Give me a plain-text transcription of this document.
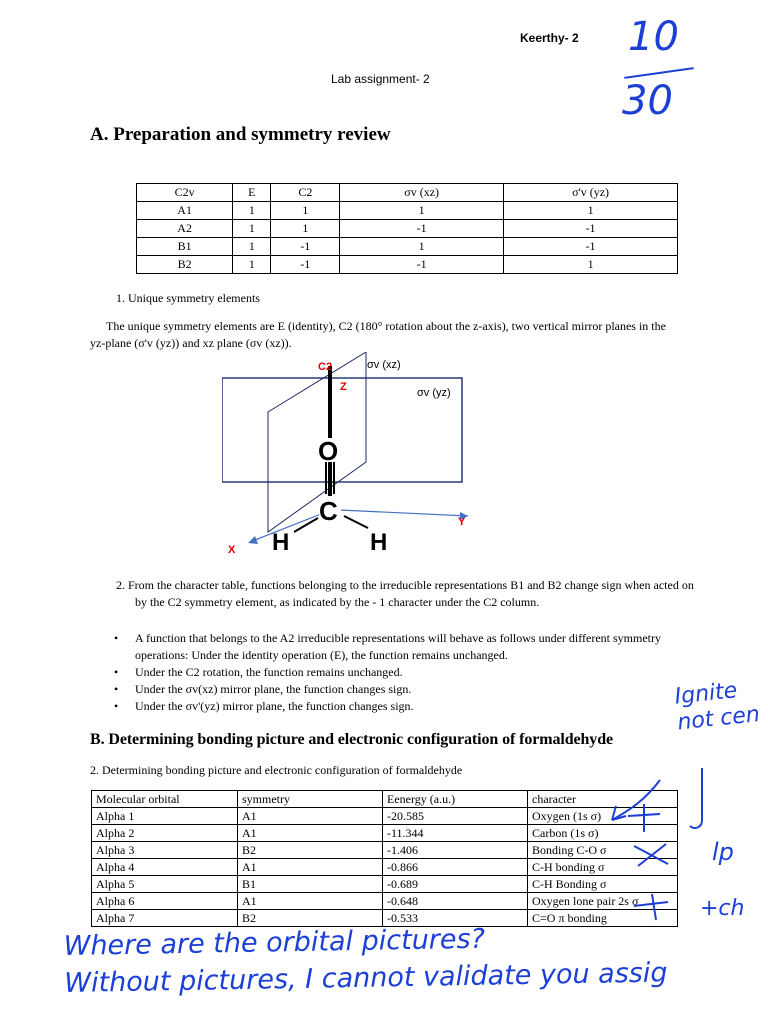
Keerthy- 2
Lab assignment- 2
10
30
A. Preparation and symmetry review
C2v	E	C2	σv (xz)	σ'v (yz)
A1	1	1	1	1
A2	1	1	-1	-1
B1	1	-1	1	-1
B2	1	-1	-1	1
1. Unique symmetry elements
The unique symmetry elements are E (identity), C2 (180° rotation about the z-axis), two vertical mirror planes in the yz-plane (σ'v (yz)) and xz plane (σv (xz)).
C2
Z
σv (xz)
σv (yz)
O
C
H	H
X
Y
2. From the character table, functions belonging to the irreducible representations B1 and B2 change sign when acted on by the C2 symmetry element, as indicated by the - 1 character under the C2 column.
• A function that belongs to the A2 irreducible representations will behave as follows under different symmetry operations: Under the identity operation (E), the function remains unchanged.
• Under the C2 rotation, the function remains unchanged.
• Under the σv(xz) mirror plane, the function changes sign.
• Under the σv'(yz) mirror plane, the function changes sign.
B. Determining bonding picture and electronic configuration of formaldehyde
2. Determining bonding picture and electronic configuration of formaldehyde
Molecular orbital	symmetry	Eenergy (a.u.)	character
Alpha 1	A1	-20.585	Oxygen (1s σ)
Alpha 2	A1	-11.344	Carbon (1s σ)
Alpha 3	B2	-1.406	Bonding C-O σ
Alpha 4	A1	-0.866	C-H bonding σ
Alpha 5	B1	-0.689	C-H Bonding σ
Alpha 6	A1	-0.648	Oxygen lone pair 2s σ
Alpha 7	B2	-0.533	C=O π bonding
Ignite not cen
lp
+ch
Where are the orbital pictures?
Without pictures, I cannot validate you assig
